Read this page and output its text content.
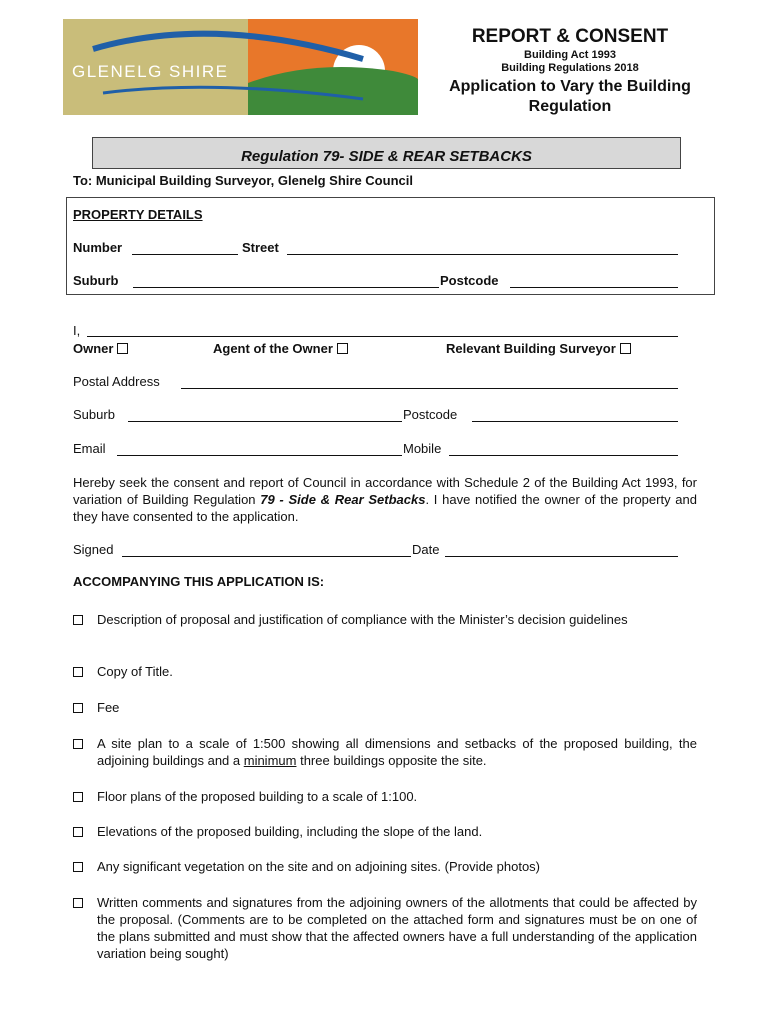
GLENELG SHIRE
REPORT & CONSENT
Building Act 1993
Building Regulations 2018
Application to Vary the Building
Regulation
Regulation 79- SIDE & REAR SETBACKS
To: Municipal Building Surveyor, Glenelg Shire Council
PROPERTY DETAILS
Number	Street
Suburb	Postcode
I,
Owner	Agent of the Owner	Relevant Building Surveyor
Postal Address
Suburb	Postcode
Email	Mobile
Hereby seek the consent and report of Council in accordance with Schedule 2 of the Building Act 1993, for variation of Building Regulation 79 - Side & Rear Setbacks. I have notified the owner of the property and they have consented to the application.
Signed	Date
ACCOMPANYING THIS APPLICATION IS:
Description of proposal and justification of compliance with the Minister’s decision guidelines
Copy of Title.
Fee
A site plan to a scale of 1:500 showing all dimensions and setbacks of the proposed building, the adjoining buildings and a minimum three buildings opposite the site.
Floor plans of the proposed building to a scale of 1:100.
Elevations of the proposed building, including the slope of the land.
Any significant vegetation on the site and on adjoining sites. (Provide photos)
Written comments and signatures from the adjoining owners of the allotments that could be affected by the proposal. (Comments are to be completed on the attached form and signatures must be on one of the plans submitted and must show that the affected owners have a full understanding of the application variation being sought)
